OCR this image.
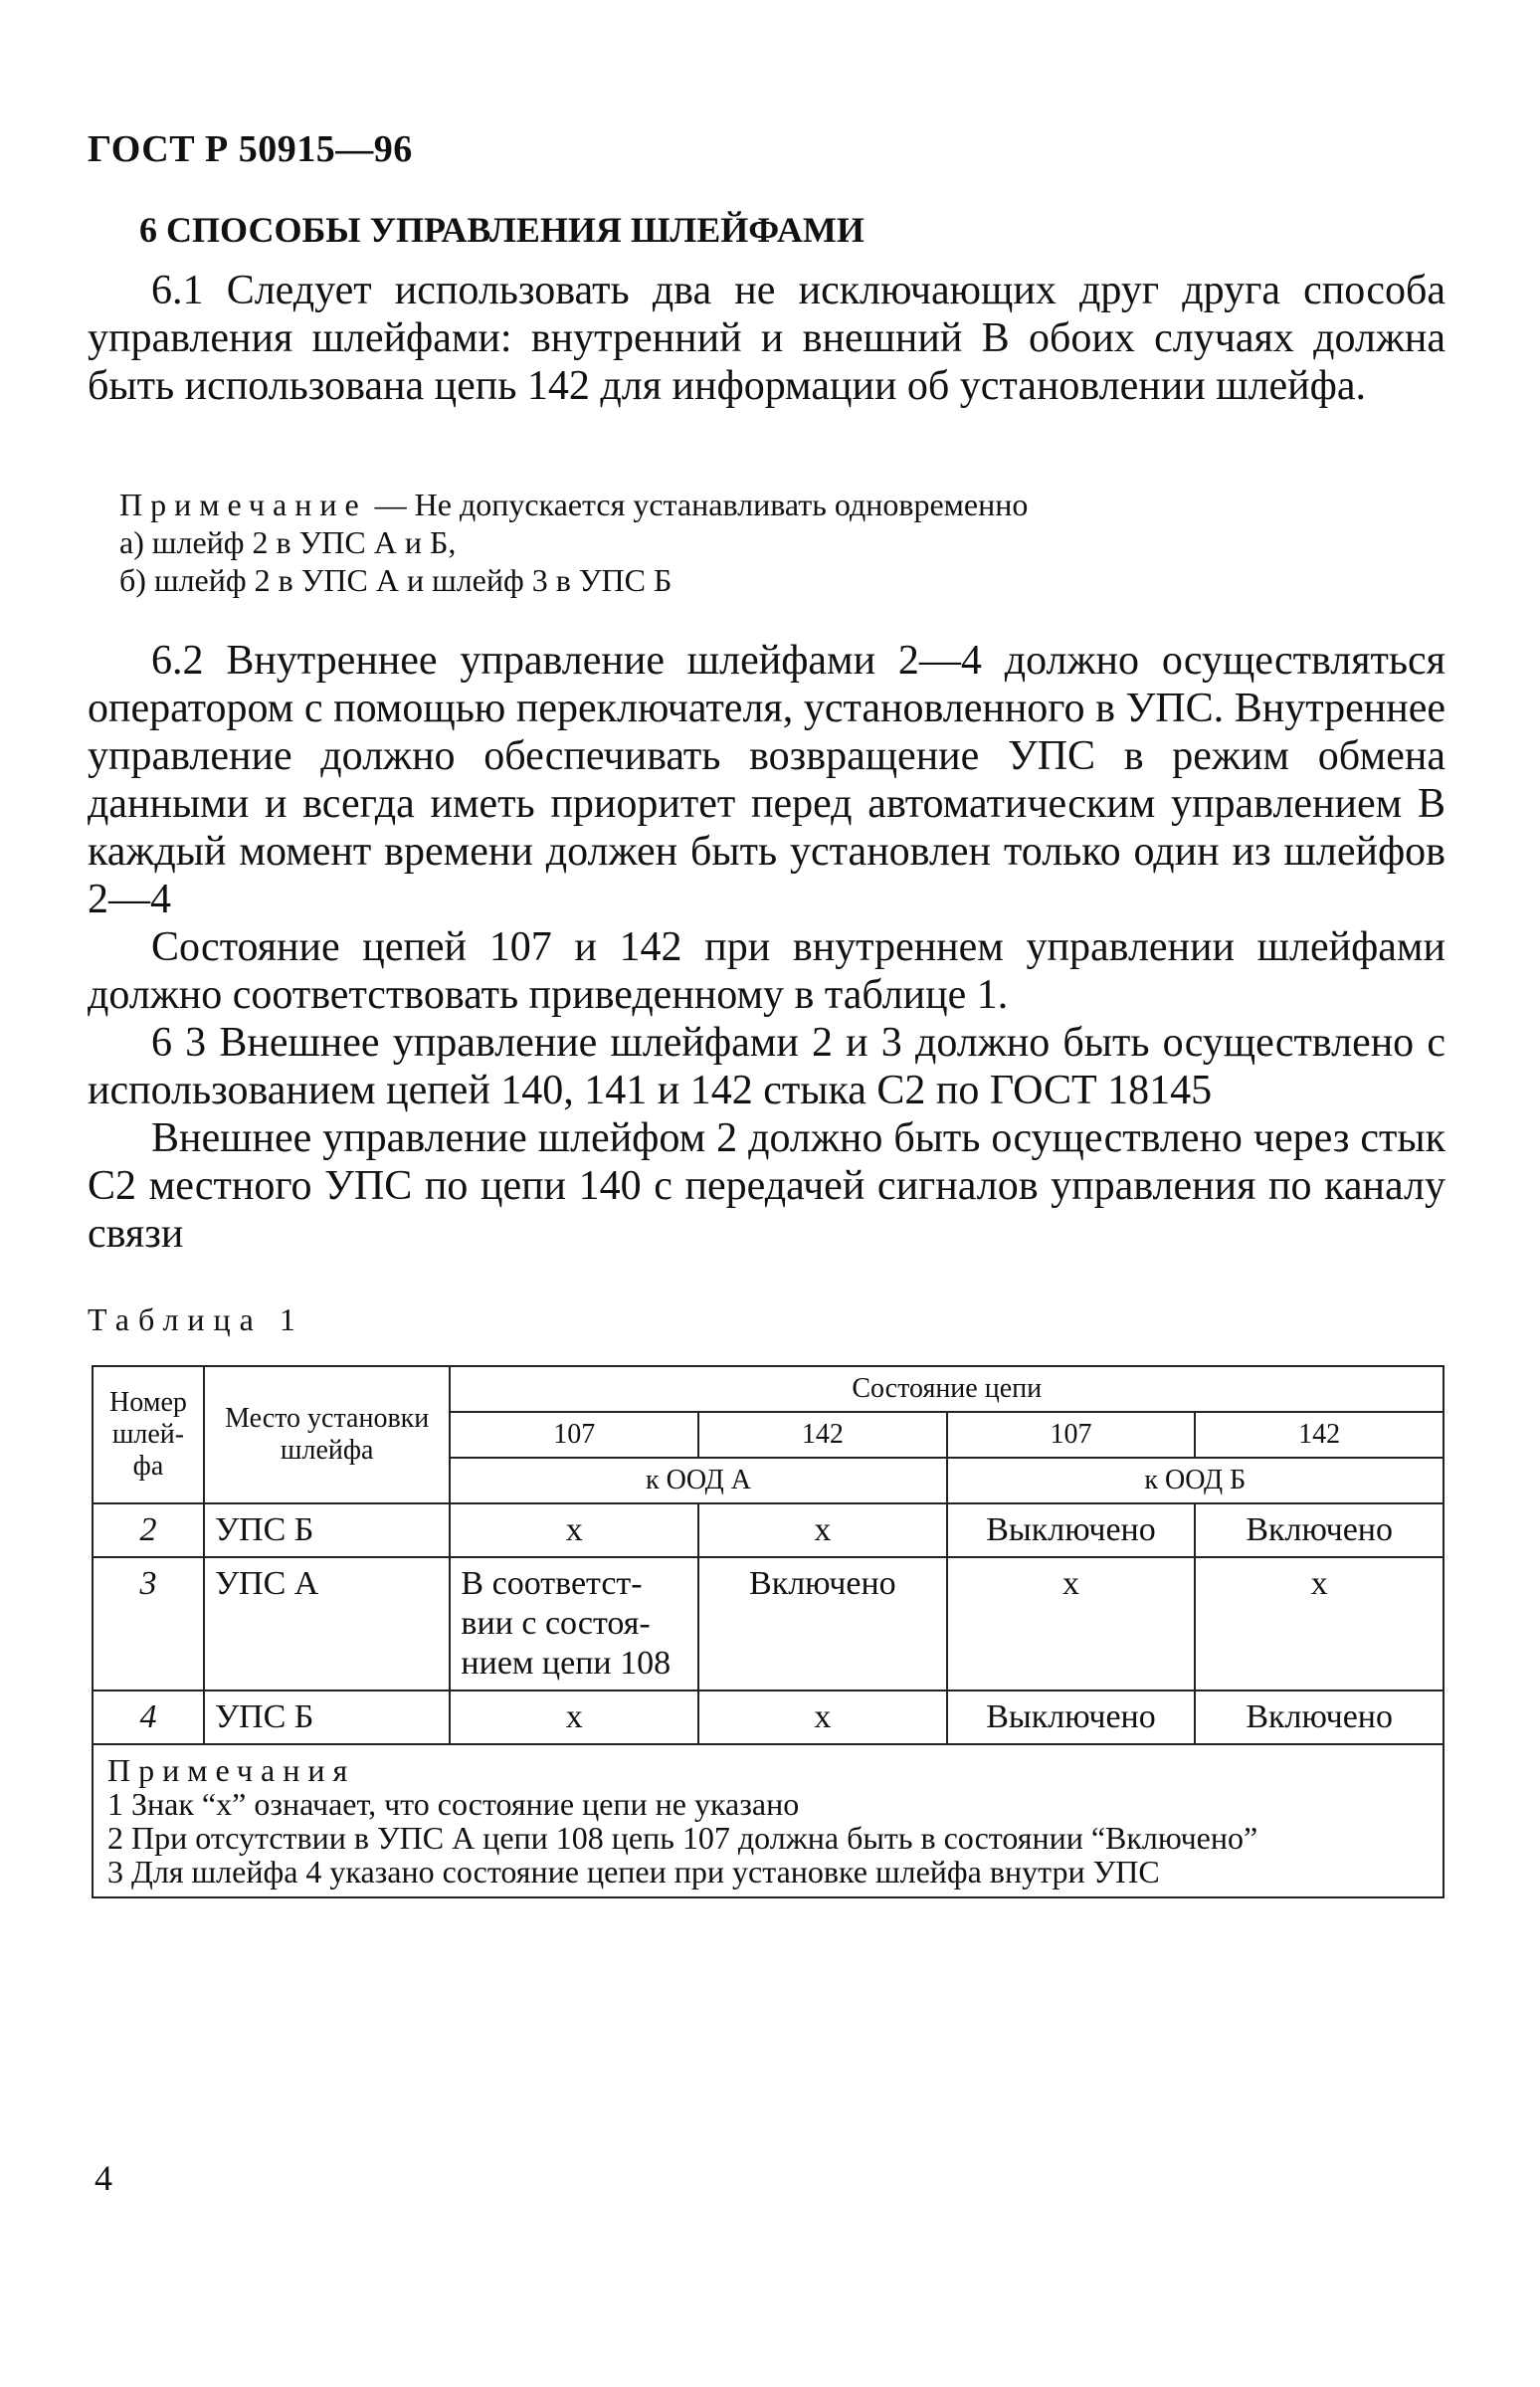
ГОСТ Р 50915—96
6 СПОСОБЫ УПРАВЛЕНИЯ ШЛЕЙФАМИ

6.1 Следует использовать два не исключающих друг друга способа управления шлейфами: внутренний и внешний В обоих случаях должна быть использована цепь 142 для информации об установлении шлейфа.

Примечание — Не допускается устанавливать одновременно
а) шлейф 2 в УПС А и Б,
б) шлейф 2 в УПС А и шлейф 3 в УПС Б

6.2 Внутреннее управление шлейфами 2—4 должно осуществляться оператором с помощью переключателя, установленного в УПС. Внутреннее управление должно обеспечивать возвращение УПС в режим обмена данными и всегда иметь приоритет перед автоматическим управлением В каждый момент времени должен быть установлен только один из шлейфов 2—4

Состояние цепей 107 и 142 при внутреннем управлении шлейфами должно соответствовать приведенному в таблице 1.

6 3 Внешнее управление шлейфами 2 и 3 должно быть осуществлено с использованием цепей 140, 141 и 142 стыка С2 по ГОСТ 18145

Внешнее управление шлейфом 2 должно быть осуществлено через стык С2 местного УПС по цепи 140 с передачей сигналов управления по каналу связи

Таблица 1
Номер шлей-фа	Место установки шлейфа	Состояние цепи			
		107	142	107	142
		к ООД А		к ООД Б	
2	УПС Б	х	х	Выключено	Включено
3	УПС А	В соответст-вии с состоя-нием цепи 108	Включено	х	х
4	УПС Б	х	х	Выключено	Включено

Примечания
1 Знак “х” означает, что состояние цепи не указано
2 При отсутствии в УПС А цепи 108 цепь 107 должна быть в состоянии “Включено”
3 Для шлейфа 4 указано состояние цепеи при установке шлейфа внутри УПС					
4
